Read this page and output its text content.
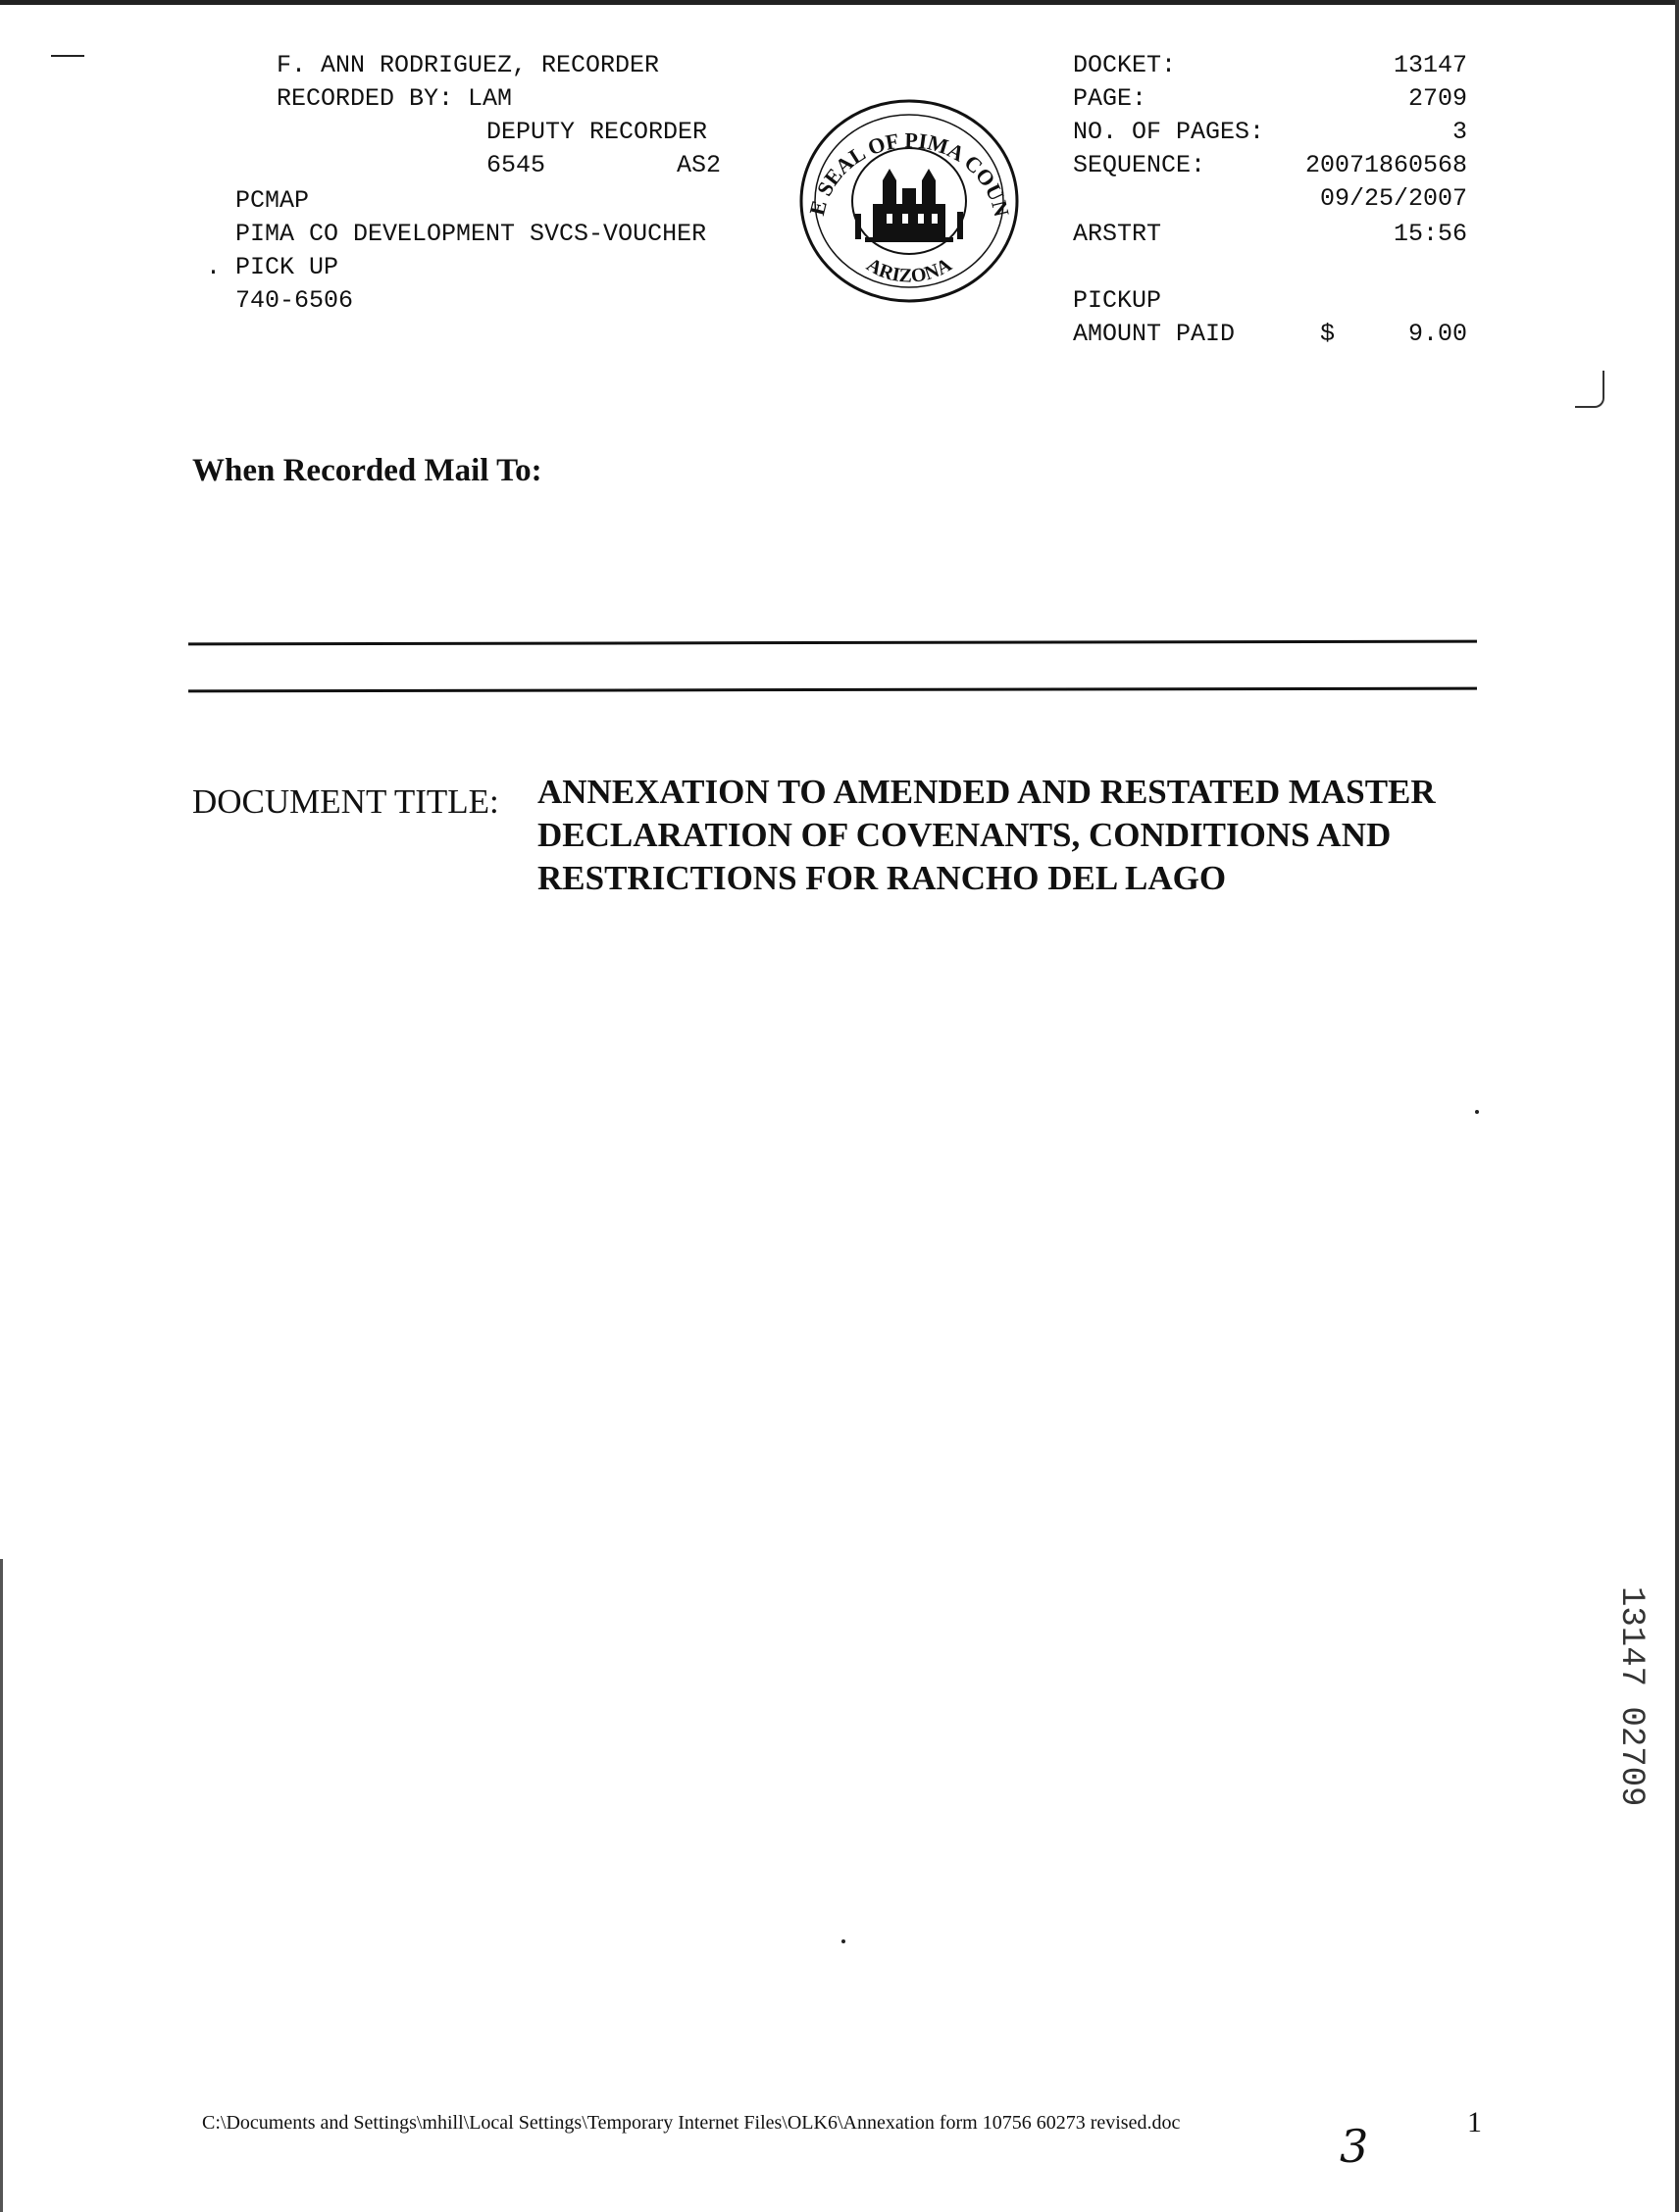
F. ANN RODRIGUEZ, RECORDER
RECORDED BY: LAM
DEPUTY RECORDER
6545	AS2
PCMAP
PIMA CO DEVELOPMENT SVCS-VOUCHER
. PICK UP
740-6506
E SEAL OF PIMA COUN
ARIZONA
DOCKET:	13147
PAGE:	2709
NO. OF PAGES:	3
SEQUENCE:	20071860568
09/25/2007
ARSTRT	15:56
PICKUP
AMOUNT PAID	$	9.00
When Recorded Mail To:
DOCUMENT TITLE: ANNEXATION TO AMENDED AND RESTATED MASTER
DECLARATION OF COVENANTS, CONDITIONS AND
RESTRICTIONS FOR RANCHO DEL LAGO
13147 02709
C:\Documents and Settings\mhill\Local Settings\Temporary Internet Files\OLK6\Annexation form 10756 60273 revised.doc	1
3
